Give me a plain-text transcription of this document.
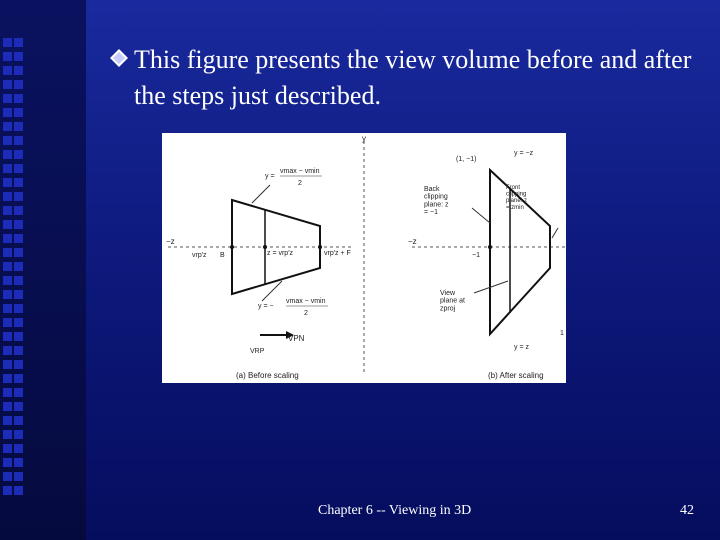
This figure presents the view volume before and after the steps just described.
y
−z
y =
vmax − vmin
2
vrp′z B	z = vrp′z	vrp′z + F
y = −
vmax − vmin
2
VPN
VRP
(a) Before scaling
−z
(1, −1)
y = −z
Back clipping plane: z = −1
−1
View plane at zproj
Front clipping plane: z = zmin
1
y = z
(b) After scaling
Chapter 6 -- Viewing in 3D	42
